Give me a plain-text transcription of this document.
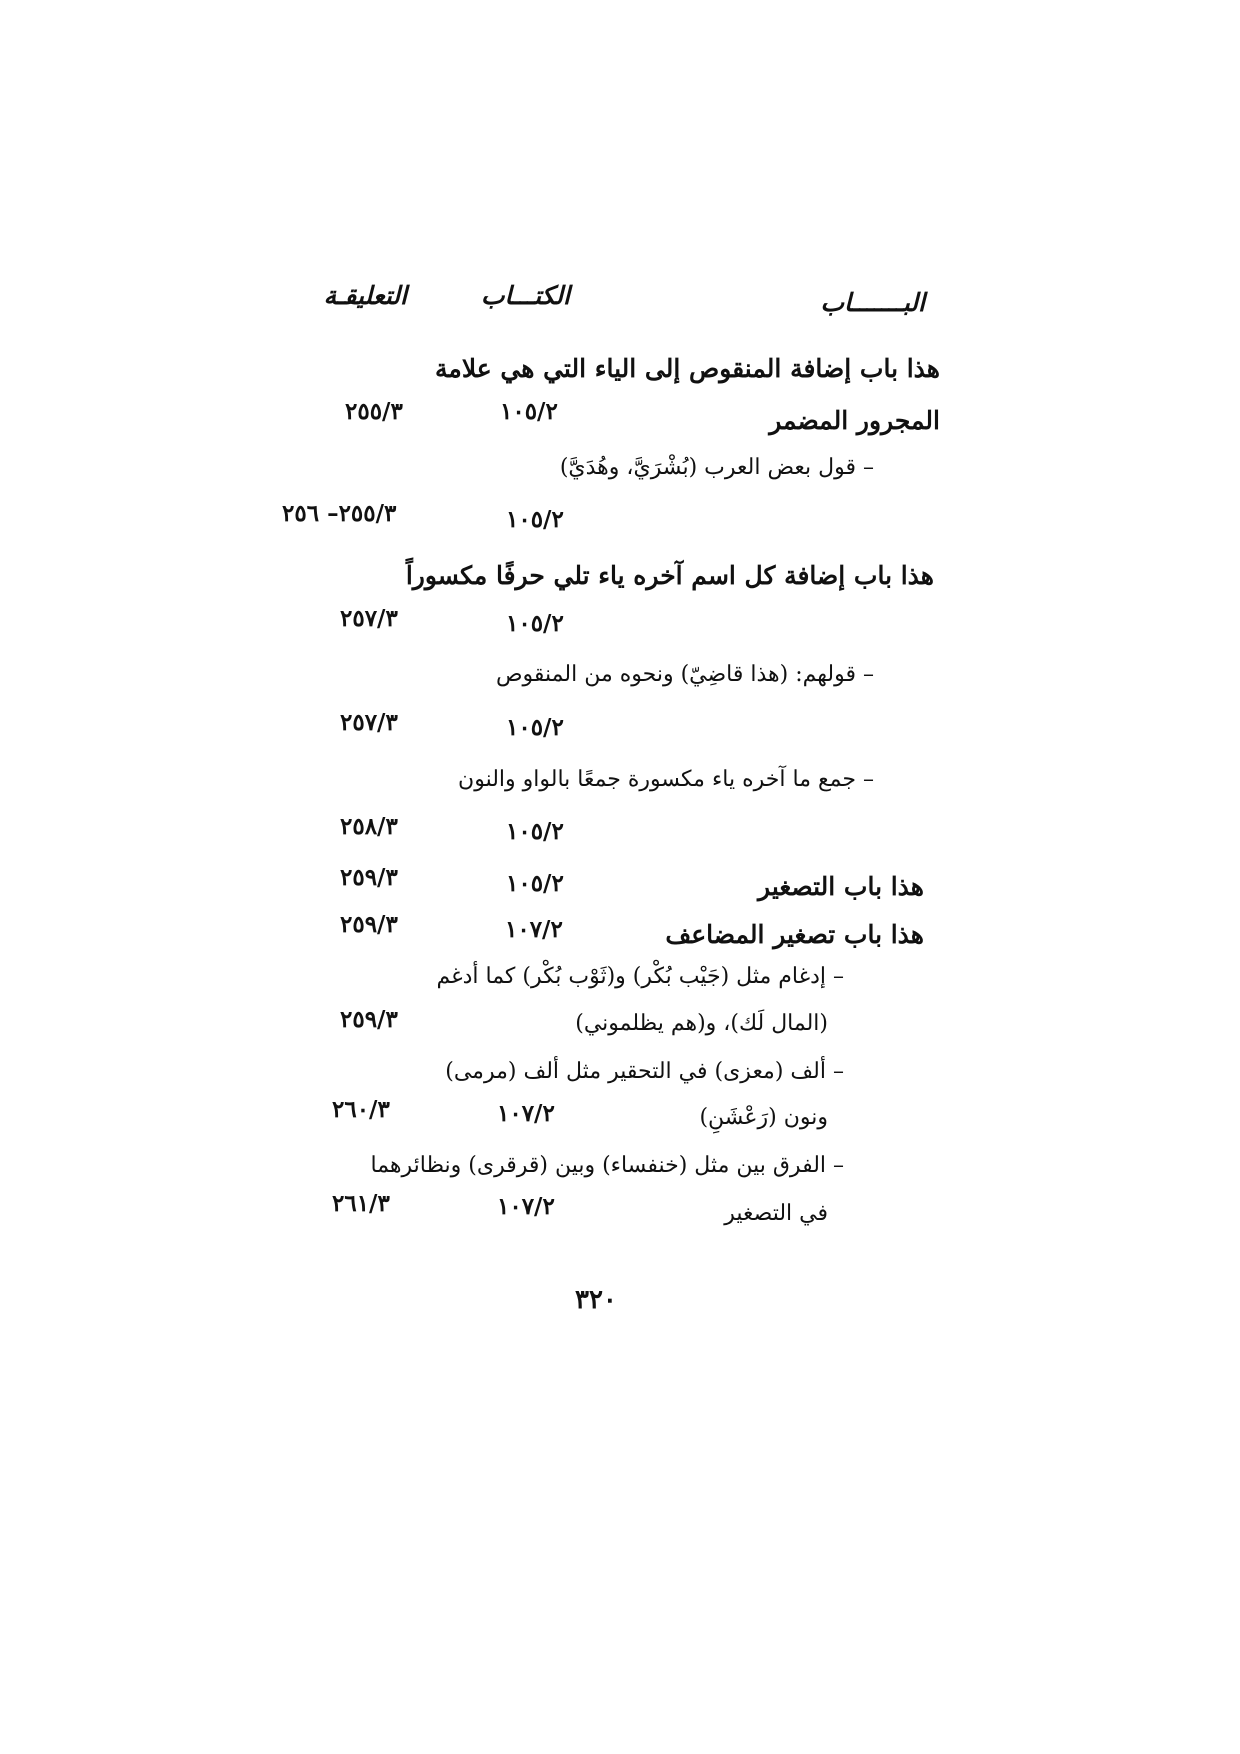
البـــــــاب
الكتـــاب
التعليقـة
هذا باب إضافة المنقوص إلى الياء التي هي علامة
المجرور المضمر
١٠٥/٢
٢٥٥/٣
– قول بعض العرب (بُشْرَيَّ، وهُدَيَّ)
١٠٥/٢
٢٥٥/٣– ٢٥٦
هذا باب إضافة كل اسم آخره ياء تلي حرفًا مكسوراً
١٠٥/٢
٢٥٧/٣
– قولهم: (هذا قاضِيّ) ونحوه من المنقوص
١٠٥/٢
٢٥٧/٣
– جمع ما آخره ياء مكسورة جمعًا بالواو والنون
١٠٥/٢
٢٥٨/٣
هذا باب التصغير
١٠٥/٢
٢٥٩/٣
هذا باب تصغير المضاعف
١٠٧/٢
٢٥٩/٣
– إدغام مثل (جَيْب بُكْر) و(ثَوْب بُكْر) كما أدغم
(المال لَك)، و(هم يظلموني)
٢٥٩/٣
– ألف (معزى) في التحقير مثل ألف (مرمى)
ونون (رَعْشَنِ)
١٠٧/٢
٢٦٠/٣
– الفرق بين مثل (خنفساء) وبين (قرقرى) ونظائرهما
في التصغير
١٠٧/٢
٢٦١/٣
٣٢٠
